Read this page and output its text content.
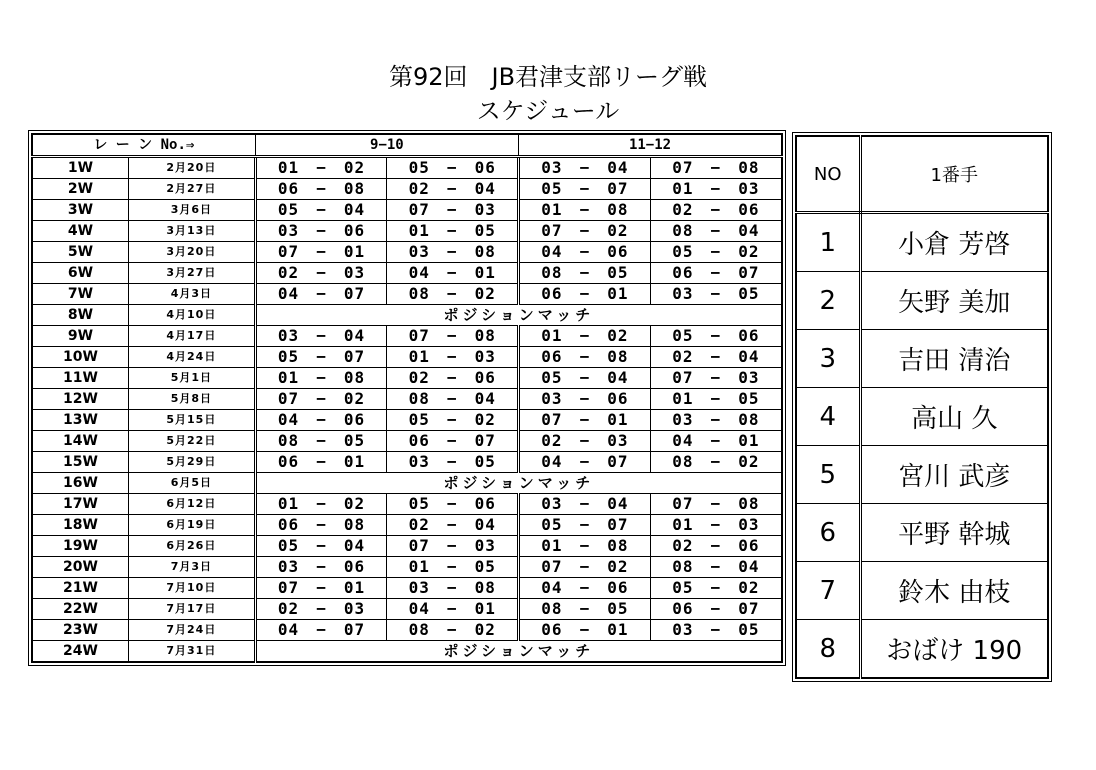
第92回　JB君津支部リーグ戦
スケジュール
レ ー ン No.⇒		9−10		11−12	
1W	2月20日	01 − 02	05 − 06	03 − 04	07 − 08
2W	2月27日	06 − 08	02 − 04	05 − 07	01 − 03
3W	3月6日	05 − 04	07 − 03	01 − 08	02 − 06
4W	3月13日	03 − 06	01 − 05	07 − 02	08 − 04
5W	3月20日	07 − 01	03 − 08	04 − 06	05 − 02
6W	3月27日	02 − 03	04 − 01	08 − 05	06 − 07
7W	4月3日	04 − 07	08 − 02	06 − 01	03 − 05
8W	4月10日	ポジションマッチ			
9W	4月17日	03 − 04	07 − 08	01 − 02	05 − 06
10W	4月24日	05 − 07	01 − 03	06 − 08	02 − 04
11W	5月1日	01 − 08	02 − 06	05 − 04	07 − 03
12W	5月8日	07 − 02	08 − 04	03 − 06	01 − 05
13W	5月15日	04 − 06	05 − 02	07 − 01	03 − 08
14W	5月22日	08 − 05	06 − 07	02 − 03	04 − 01
15W	5月29日	06 − 01	03 − 05	04 − 07	08 − 02
16W	6月5日	ポジションマッチ			
17W	6月12日	01 − 02	05 − 06	03 − 04	07 − 08
18W	6月19日	06 − 08	02 − 04	05 − 07	01 − 03
19W	6月26日	05 − 04	07 − 03	01 − 08	02 − 06
20W	7月3日	03 − 06	01 − 05	07 − 02	08 − 04
21W	7月10日	07 − 01	03 − 08	04 − 06	05 − 02
22W	7月17日	02 − 03	04 − 01	08 − 05	06 − 07
23W	7月24日	04 − 07	08 − 02	06 − 01	03 − 05
24W	7月31日	ポジションマッチ			
NO	1番手
1	小倉 芳啓
2	矢野 美加
3	吉田 清治
4	高山 久
5	宮川 武彦
6	平野 幹城
7	鈴木 由枝
8	おばけ 190
